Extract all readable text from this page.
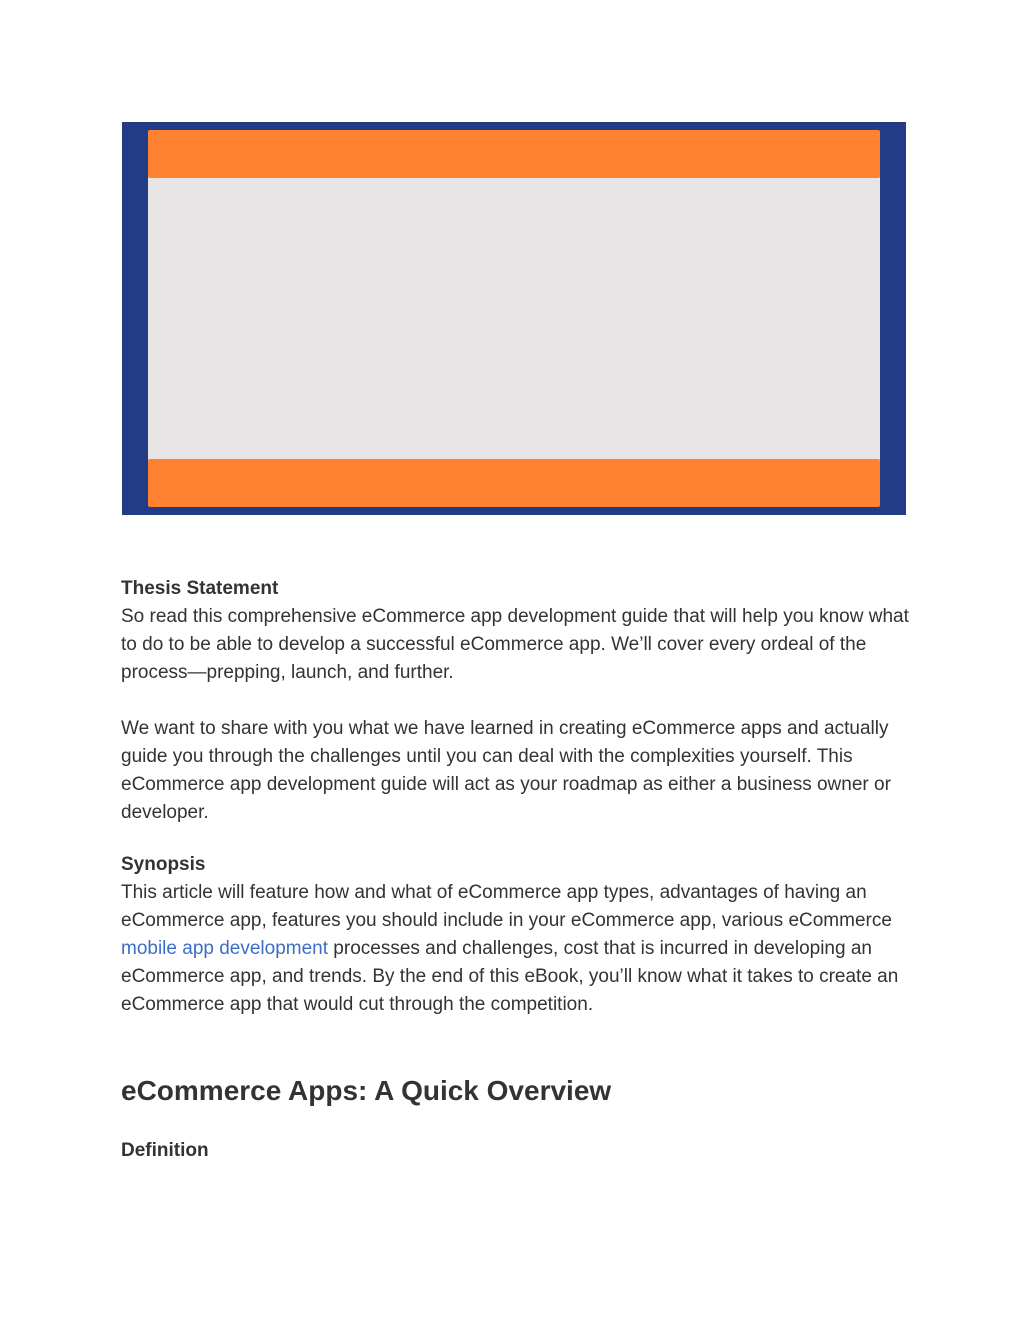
Thesis Statement

So read this comprehensive eCommerce app development guide that will help you know what to do to be able to develop a successful eCommerce app. We’ll cover every ordeal of the process—prepping, launch, and further.

We want to share with you what we have learned in creating eCommerce apps and actually guide you through the challenges until you can deal with the complexities yourself. This eCommerce app development guide will act as your roadmap as either a business owner or developer.

Synopsis

This article will feature how and what of eCommerce app types, advantages of having an eCommerce app, features you should include in your eCommerce app, various eCommerce mobile app development processes and challenges, cost that is incurred in developing an eCommerce app, and trends. By the end of this eBook, you’ll know what it takes to create an eCommerce app that would cut through the competition.

eCommerce Apps: A Quick Overview
Definition
